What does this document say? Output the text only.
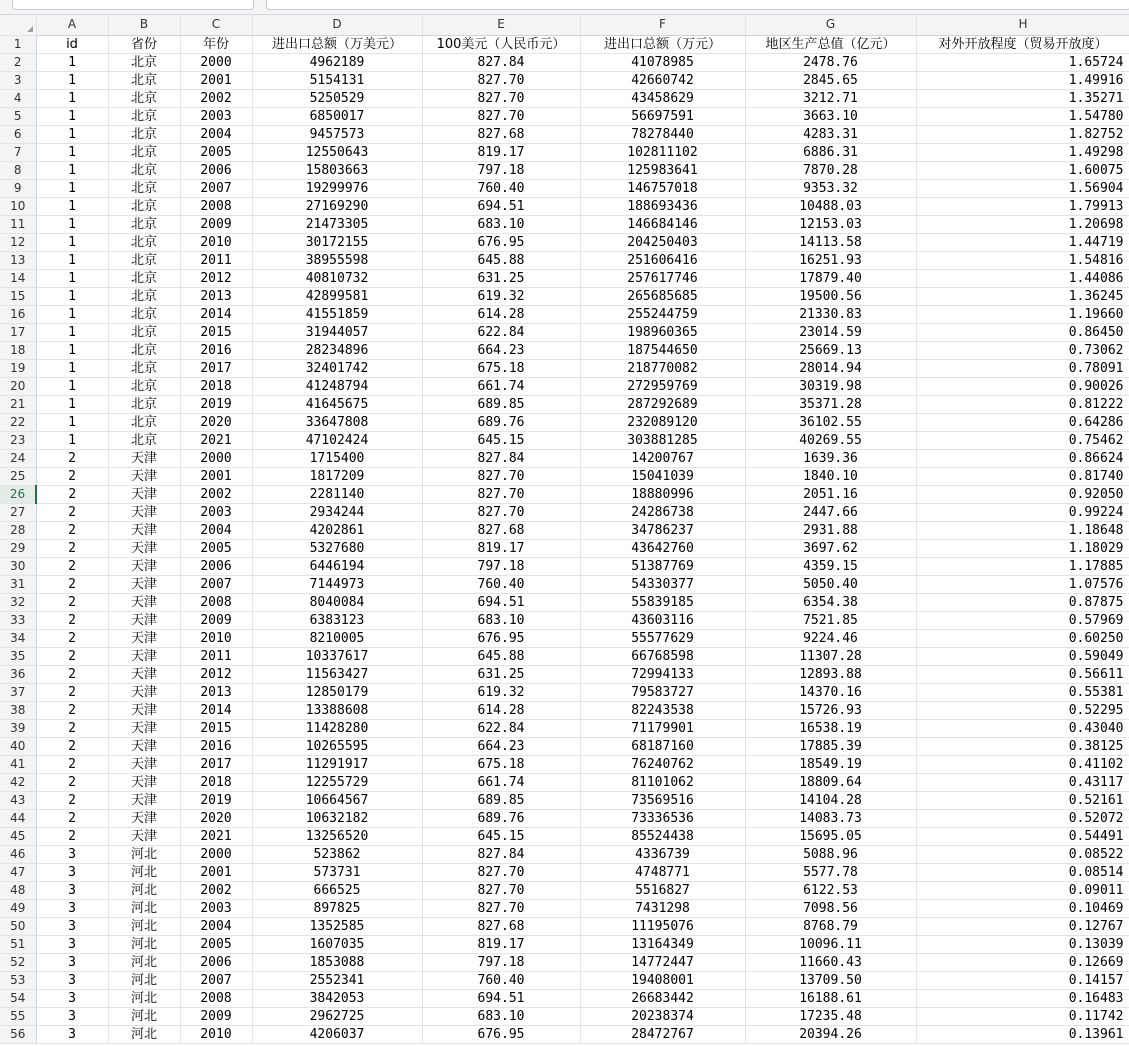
	A	B	C	D	E	F	G	H
1	id	省份	年份	进出口总额（万美元）	100美元（人民币元）	进出口总额（万元）	地区生产总值（亿元）	对外开放程度（贸易开放度）
2	1	北京	2000	4962189	827.84	41078985	2478.76	1.65724
3	1	北京	2001	5154131	827.70	42660742	2845.65	1.49916
4	1	北京	2002	5250529	827.70	43458629	3212.71	1.35271
5	1	北京	2003	6850017	827.70	56697591	3663.10	1.54780
6	1	北京	2004	9457573	827.68	78278440	4283.31	1.82752
7	1	北京	2005	12550643	819.17	102811102	6886.31	1.49298
8	1	北京	2006	15803663	797.18	125983641	7870.28	1.60075
9	1	北京	2007	19299976	760.40	146757018	9353.32	1.56904
10	1	北京	2008	27169290	694.51	188693436	10488.03	1.79913
11	1	北京	2009	21473305	683.10	146684146	12153.03	1.20698
12	1	北京	2010	30172155	676.95	204250403	14113.58	1.44719
13	1	北京	2011	38955598	645.88	251606416	16251.93	1.54816
14	1	北京	2012	40810732	631.25	257617746	17879.40	1.44086
15	1	北京	2013	42899581	619.32	265685685	19500.56	1.36245
16	1	北京	2014	41551859	614.28	255244759	21330.83	1.19660
17	1	北京	2015	31944057	622.84	198960365	23014.59	0.86450
18	1	北京	2016	28234896	664.23	187544650	25669.13	0.73062
19	1	北京	2017	32401742	675.18	218770082	28014.94	0.78091
20	1	北京	2018	41248794	661.74	272959769	30319.98	0.90026
21	1	北京	2019	41645675	689.85	287292689	35371.28	0.81222
22	1	北京	2020	33647808	689.76	232089120	36102.55	0.64286
23	1	北京	2021	47102424	645.15	303881285	40269.55	0.75462
24	2	天津	2000	1715400	827.84	14200767	1639.36	0.86624
25	2	天津	2001	1817209	827.70	15041039	1840.10	0.81740
26	2	天津	2002	2281140	827.70	18880996	2051.16	0.92050
27	2	天津	2003	2934244	827.70	24286738	2447.66	0.99224
28	2	天津	2004	4202861	827.68	34786237	2931.88	1.18648
29	2	天津	2005	5327680	819.17	43642760	3697.62	1.18029
30	2	天津	2006	6446194	797.18	51387769	4359.15	1.17885
31	2	天津	2007	7144973	760.40	54330377	5050.40	1.07576
32	2	天津	2008	8040084	694.51	55839185	6354.38	0.87875
33	2	天津	2009	6383123	683.10	43603116	7521.85	0.57969
34	2	天津	2010	8210005	676.95	55577629	9224.46	0.60250
35	2	天津	2011	10337617	645.88	66768598	11307.28	0.59049
36	2	天津	2012	11563427	631.25	72994133	12893.88	0.56611
37	2	天津	2013	12850179	619.32	79583727	14370.16	0.55381
38	2	天津	2014	13388608	614.28	82243538	15726.93	0.52295
39	2	天津	2015	11428280	622.84	71179901	16538.19	0.43040
40	2	天津	2016	10265595	664.23	68187160	17885.39	0.38125
41	2	天津	2017	11291917	675.18	76240762	18549.19	0.41102
42	2	天津	2018	12255729	661.74	81101062	18809.64	0.43117
43	2	天津	2019	10664567	689.85	73569516	14104.28	0.52161
44	2	天津	2020	10632182	689.76	73336536	14083.73	0.52072
45	2	天津	2021	13256520	645.15	85524438	15695.05	0.54491
46	3	河北	2000	523862	827.84	4336739	5088.96	0.08522
47	3	河北	2001	573731	827.70	4748771	5577.78	0.08514
48	3	河北	2002	666525	827.70	5516827	6122.53	0.09011
49	3	河北	2003	897825	827.70	7431298	7098.56	0.10469
50	3	河北	2004	1352585	827.68	11195076	8768.79	0.12767
51	3	河北	2005	1607035	819.17	13164349	10096.11	0.13039
52	3	河北	2006	1853088	797.18	14772447	11660.43	0.12669
53	3	河北	2007	2552341	760.40	19408001	13709.50	0.14157
54	3	河北	2008	3842053	694.51	26683442	16188.61	0.16483
55	3	河北	2009	2962725	683.10	20238374	17235.48	0.11742
56	3	河北	2010	4206037	676.95	28472767	20394.26	0.13961
